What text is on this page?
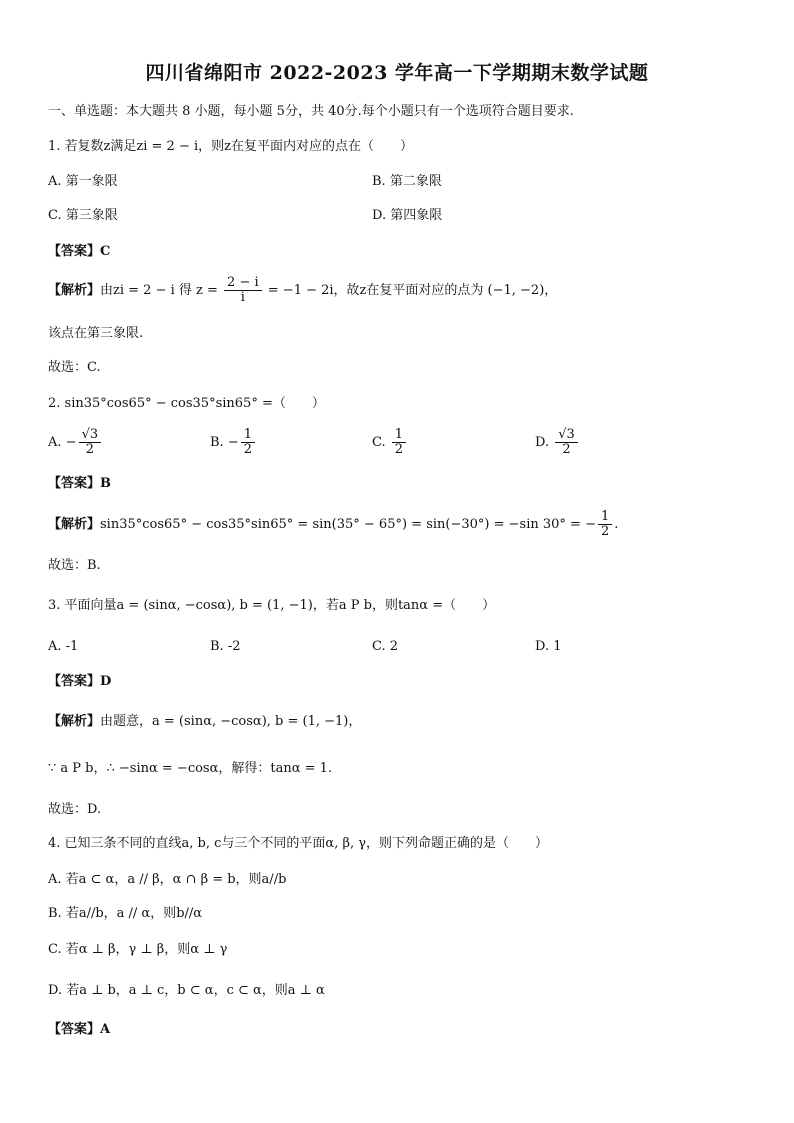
四川省绵阳市 2022-2023 学年高一下学期期末数学试题
一、单选题：本大题共 8 小题，每小题 5分，共 40分.每个小题只有一个选项符合题目要求.
1. 若复数z满足zi = 2 − i，则z在复平面内对应的点在（　　）
A. 第一象限	B. 第二象限
C. 第三象限	D. 第四象限
【答案】C
【解析】由zi = 2 − i 得 $z = \frac{2 - i}{i} = -1 - 2i$，故z在复平面对应的点为 (−1, −2)，
该点在第三象限.
故选：C.
2. sin35°cos65° − cos35°sin65° =（　　）
A. − $\frac{√3}{2}$	B. − $\frac{1}{2}$	C. $\frac{1}{2}$	D. $\frac{√3}{2}$
【答案】B
【解析】sin35°cos65° − cos35°sin65° = sin(35° − 65°) = sin(−30°) = −sin 30° = − $\frac{1}{2}$ .
故选：B.
3. 平面向量a = (sinα, −cosα), b = (1, −1)，若a P b，则tanα =（　　）
A. -1	B. -2	C. 2	D. 1
【答案】D
【解析】由题意，a = (sinα, −cosα), b = (1, −1)，
∵ a P b，∴ −sinα = −cosα，解得：tanα = 1.
故选：D.
4. 已知三条不同的直线a, b, c与三个不同的平面α, β, γ，则下列命题正确的是（　　）
A. 若a ⊂ α，a // β，α ∩ β = b，则a//b
B. 若a//b，a // α，则b//α
C. 若α ⊥ β，γ ⊥ β，则α ⊥ γ
D. 若a ⊥ b，a ⊥ c，b ⊂ α，c ⊂ α，则a ⊥ α
【答案】A
